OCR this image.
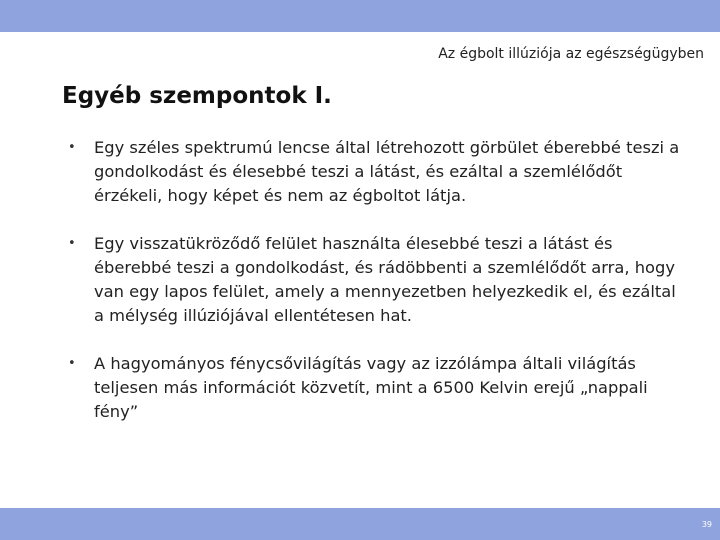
Az égbolt illúziója az egészségügyben
Egyéb szempontok I.
• Egy széles spektrumú lencse által létrehozott görbület éberebbé teszi a gondolkodást és élesebbé teszi a látást, és ezáltal a szemlélődőt érzékeli, hogy képet és nem az égboltot látja.
• Egy visszatükröződő felület használta élesebbé teszi a látást és éberebbé teszi a gondolkodást, és rádöbbenti a szemlélődőt arra, hogy van egy lapos felület, amely a mennyezetben helyezkedik el, és ezáltal a mélység illúziójával ellentétesen hat.
• A hagyományos fénycsővilágítás vagy az izzólámpa általi világítás teljesen más információt közvetít, mint a 6500 Kelvin erejű „nappali fény”
39
